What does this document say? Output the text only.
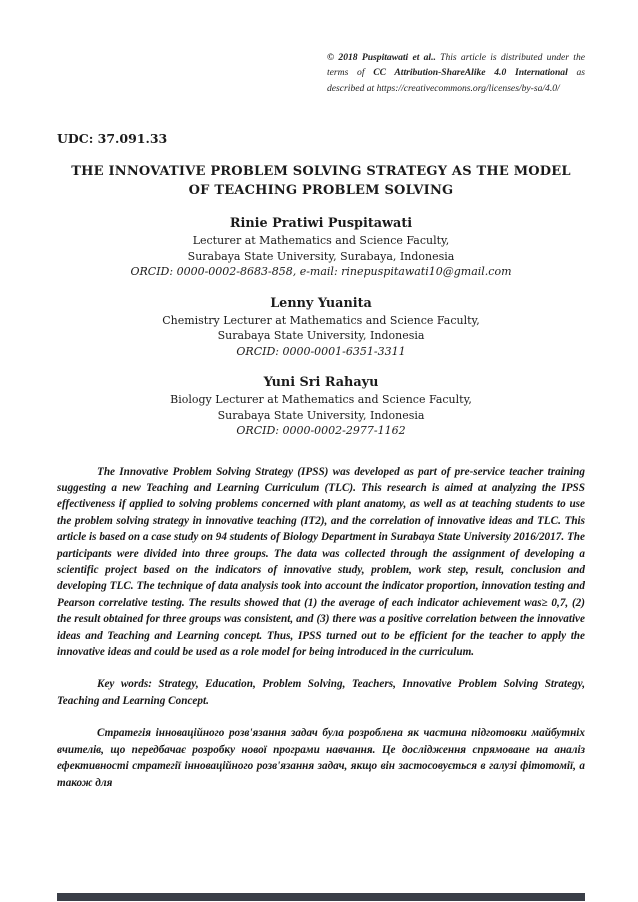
© 2018 Puspitawati et al.. This article is distributed under the terms of CC Attribution-ShareAlike 4.0 International as described at https://creativecommons.org/licenses/by-sa/4.0/

UDC: 37.091.33
THE INNOVATIVE PROBLEM SOLVING STRATEGY AS THE MODEL
OF TEACHING PROBLEM SOLVING
Rinie Pratiwi Puspitawati
Lecturer at Mathematics and Science Faculty,
Surabaya State University, Surabaya, Indonesia
ORCID: 0000-0002-8683-858, e-mail: rinepuspitawati10@gmail.com
Lenny Yuanita
Chemistry Lecturer at Mathematics and Science Faculty,
Surabaya State University, Indonesia
ORCID: 0000-0001-6351-3311
Yuni Sri Rahayu
Biology Lecturer at Mathematics and Science Faculty,
Surabaya State University, Indonesia
ORCID: 0000-0002-2977-1162

The Innovative Problem Solving Strategy (IPSS) was developed as part of pre-service teacher training suggesting a new Teaching and Learning Curriculum (TLC). This research is aimed at analyzing the IPSS effectiveness if applied to solving problems concerned with plant anatomy, as well as at teaching students to use the problem solving strategy in innovative teaching (IT2), and the correlation of innovative ideas and TLC. This article is based on a case study on 94 students of Biology Department in Surabaya State University 2016/2017. The participants were divided into three groups. The data was collected through the assignment of developing a scientific project based on the indicators of innovative study, problem, work step, result, conclusion and developing TLC. The technique of data analysis took into account the indicator proportion, innovation testing and Pearson correlative testing. The results showed that (1) the average of each indicator achievement was≥ 0,7, (2) the result obtained for three groups was consistent, and (3) there was a positive correlation between the innovative ideas and Teaching and Learning concept. Thus, IPSS turned out to be efficient for the teacher to apply the innovative ideas and could be used as a role model for being introduced in the curriculum.

Key words: Strategy, Education, Problem Solving, Teachers, Innovative Problem Solving Strategy, Teaching and Learning Concept.

Стратегія інноваційного розв'язання задач була розроблена як частина підготовки майбутніх вчителів, що передбачає розробку нової програми навчання. Це дослідження спрямоване на аналіз ефективності стратегії інноваційного розв'язання задач, якщо він застосовується в галузі фітотомії, а також для
